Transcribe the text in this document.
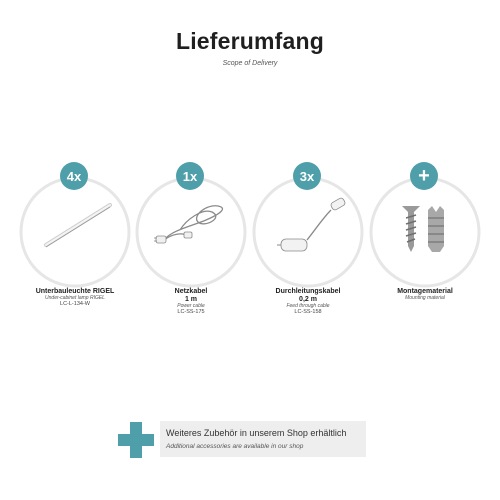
Lieferumfang
Scope of Delivery
4x
Unterbauleuchte RIGEL
Under-cabinet lamp RIGEL
LC-L-134-W
1x
Netzkabel
1 m
Power cable
LC-SS-175
3x
Durchleitungskabel
0,2 m
Feed through cable
LC-SS-158
+
Montagematerial
Mounting material
Weiteres Zubehör in unserem Shop erhältlich
Additional accessories are available in our shop
